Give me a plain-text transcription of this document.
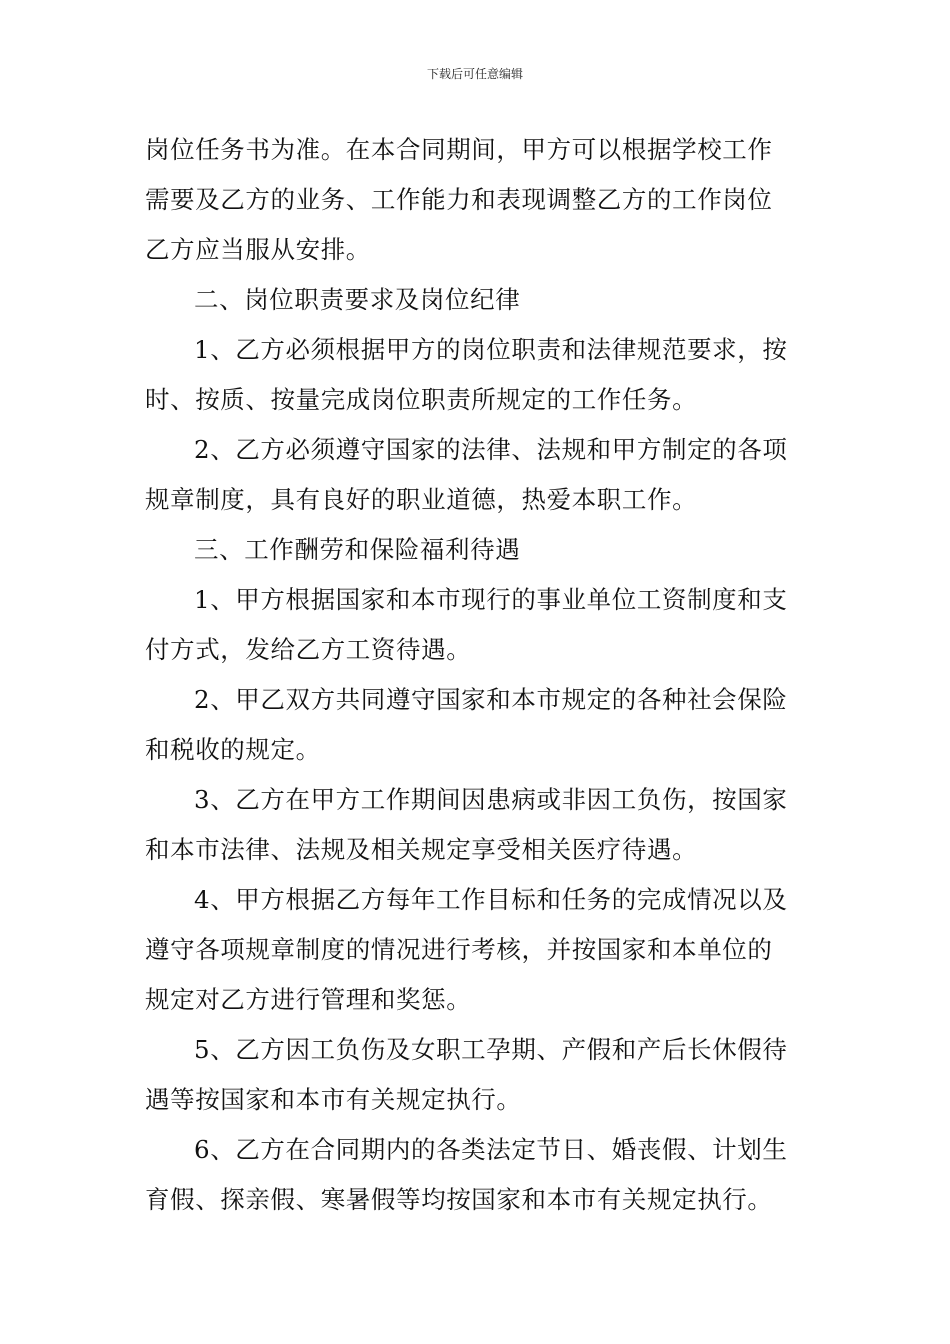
下载后可任意编辑
岗位任务书为准。在本合同期间，甲方可以根据学校工作
需要及乙方的业务、工作能力和表现调整乙方的工作岗位
乙方应当服从安排。
二、岗位职责要求及岗位纪律
1、乙方必须根据甲方的岗位职责和法律规范要求，按
时、按质、按量完成岗位职责所规定的工作任务。
2、乙方必须遵守国家的法律、法规和甲方制定的各项
规章制度，具有良好的职业道德，热爱本职工作。
三、工作酬劳和保险福利待遇
1、甲方根据国家和本市现行的事业单位工资制度和支
付方式，发给乙方工资待遇。
2、甲乙双方共同遵守国家和本市规定的各种社会保险
和税收的规定。
3、乙方在甲方工作期间因患病或非因工负伤，按国家
和本市法律、法规及相关规定享受相关医疗待遇。
4、甲方根据乙方每年工作目标和任务的完成情况以及
遵守各项规章制度的情况进行考核，并按国家和本单位的
规定对乙方进行管理和奖惩。
5、乙方因工负伤及女职工孕期、产假和产后长休假待
遇等按国家和本市有关规定执行。
6、乙方在合同期内的各类法定节日、婚丧假、计划生
育假、探亲假、寒暑假等均按国家和本市有关规定执行。
